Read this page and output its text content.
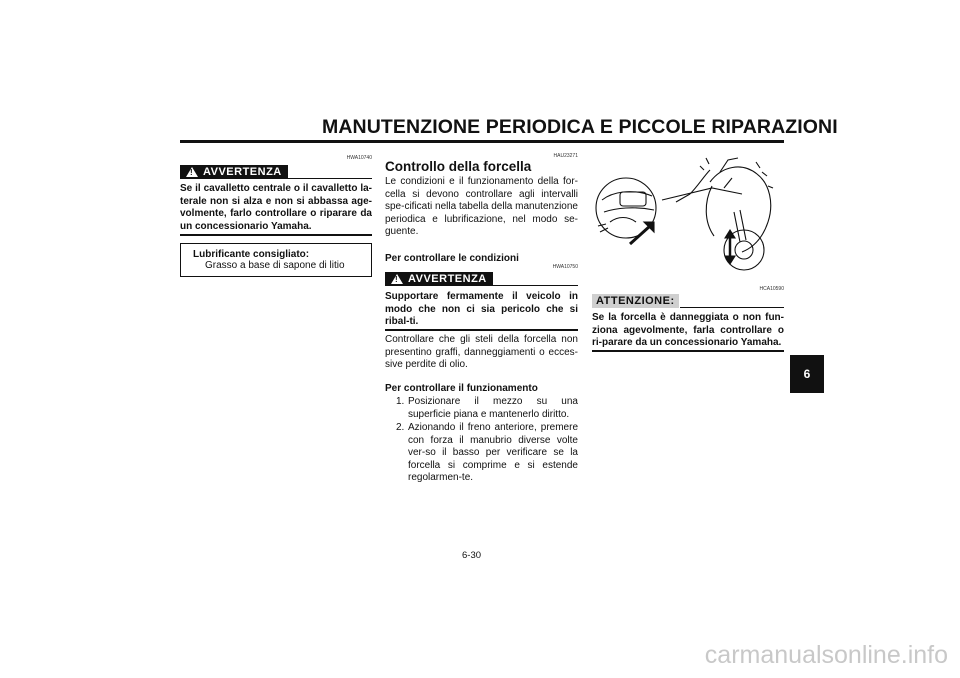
MANUTENZIONE PERIODICA E PICCOLE RIPARAZIONI
HWA10740
! AVVERTENZA
Se il cavalletto centrale o il cavalletto la-terale non si alza e non si abbassa age-volmente, farlo controllare o riparare da un concessionario Yamaha.
Lubrificante consigliato:
Grasso a base di sapone di litio
HAU23271
Controllo della forcella
Le condizioni e il funzionamento della for-cella si devono controllare agli intervalli spe-cificati nella tabella della manutenzione periodica e lubrificazione, nel modo se-guente.
Per controllare le condizioni
HWA10750
! AVVERTENZA
Supportare fermamente il veicolo in modo che non ci sia pericolo che si ribal-ti.
Controllare che gli steli della forcella non presentino graffi, danneggiamenti o ecces-sive perdite di olio.
Per controllare il funzionamento
1. Posizionare il mezzo su una superficie piana e mantenerlo diritto.
2. Azionando il freno anteriore, premere con forza il manubrio diverse volte ver-so il basso per verificare se la forcella si comprime e si estende regolarmen-te.
HCA10590
ATTENZIONE:
Se la forcella è danneggiata o non fun-ziona agevolmente, farla controllare o ri-parare da un concessionario Yamaha.
6
6-30
carmanualsonline.info
